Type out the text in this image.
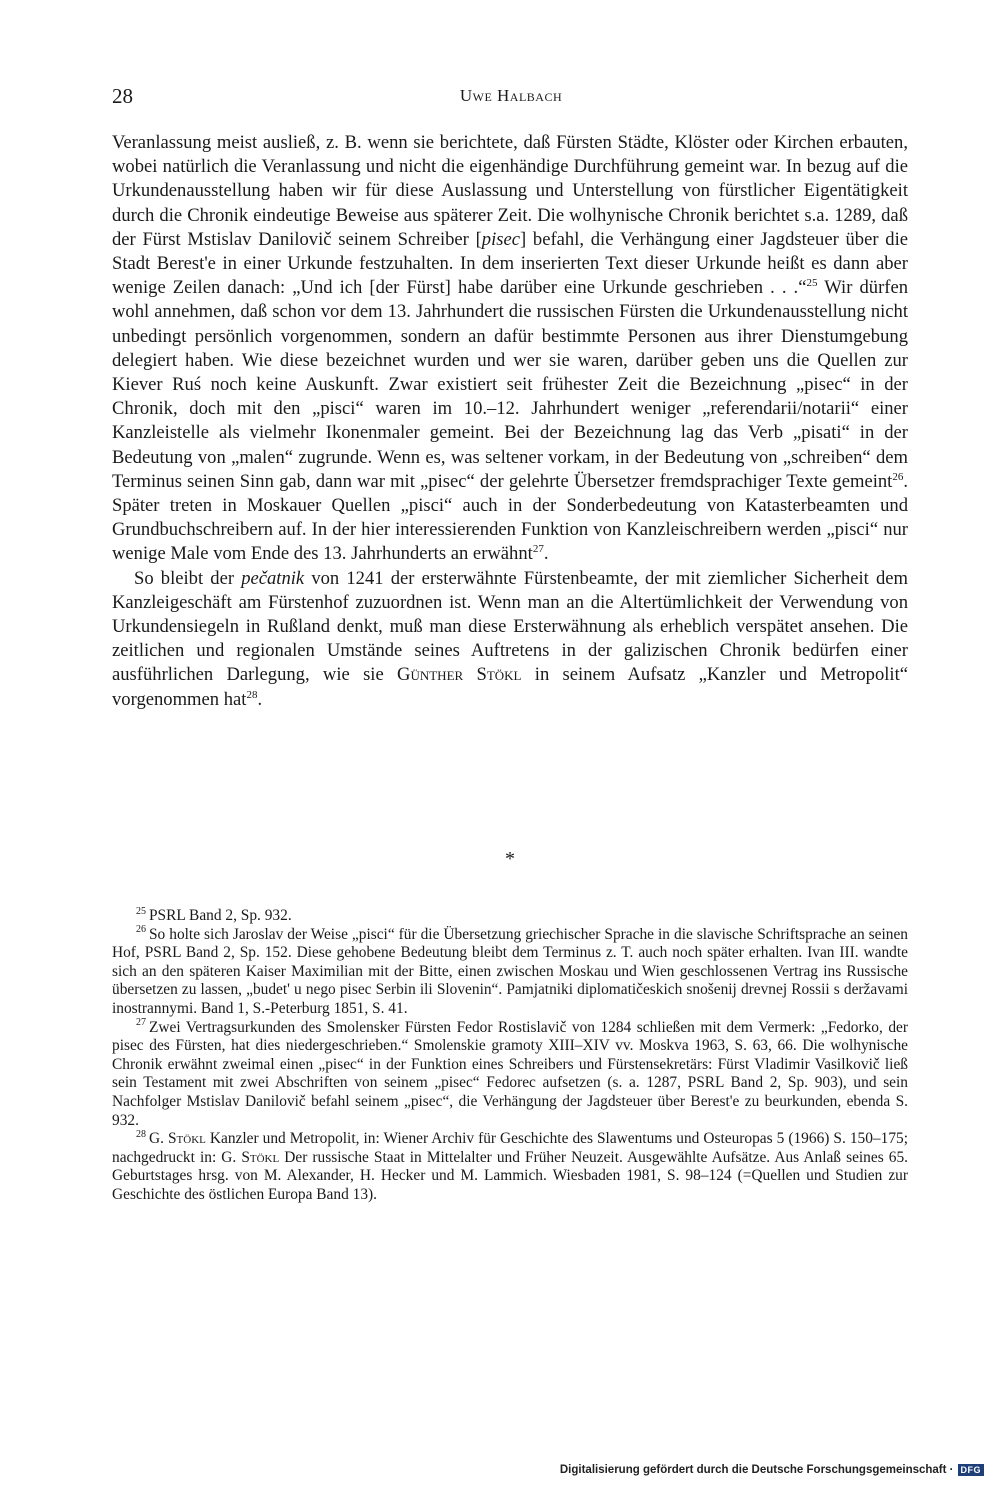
28	Uwe Halbach

Veranlassung meist ausließ, z. B. wenn sie berichtete, daß Fürsten Städte, Klöster oder Kirchen erbauten, wobei natürlich die Veranlassung und nicht die eigenhändige Durchführung gemeint war. In bezug auf die Urkundenausstellung haben wir für diese Auslassung und Unterstellung von fürstlicher Eigentätigkeit durch die Chronik eindeutige Beweise aus späterer Zeit. Die wolhynische Chronik berichtet s.a. 1289, daß der Fürst Mstislav Danilovič seinem Schreiber [pisec] befahl, die Verhängung einer Jagdsteuer über die Stadt Berest'e in einer Urkunde festzuhalten. In dem inserierten Text dieser Urkunde heißt es dann aber wenige Zeilen danach: „Und ich [der Fürst] habe darüber eine Urkunde geschrieben . . .“$^{25}$ Wir dürfen wohl annehmen, daß schon vor dem 13. Jahrhundert die russischen Fürsten die Urkundenausstellung nicht unbedingt persönlich vorgenommen, sondern an dafür bestimmte Personen aus ihrer Dienstumgebung delegiert haben. Wie diese bezeichnet wurden und wer sie waren, darüber geben uns die Quellen zur Kiever Ruś noch keine Auskunft. Zwar existiert seit frühester Zeit die Bezeichnung „pisec“ in der Chronik, doch mit den „pisci“ waren im 10.–12. Jahrhundert weniger „referendarii/notarii“ einer Kanzleistelle als vielmehr Ikonenmaler gemeint. Bei der Bezeichnung lag das Verb „pisati“ in der Bedeutung von „malen“ zugrunde. Wenn es, was seltener vorkam, in der Bedeutung von „schreiben“ dem Terminus seinen Sinn gab, dann war mit „pisec“ der gelehrte Übersetzer fremdsprachiger Texte gemeint$^{26}$. Später treten in Moskauer Quellen „pisci“ auch in der Sonderbedeutung von Katasterbeamten und Grundbuchschreibern auf. In der hier interessierenden Funktion von Kanzleischreibern werden „pisci“ nur wenige Male vom Ende des 13. Jahrhunderts an erwähnt$^{27}$.

So bleibt der pečatnik von 1241 der ersterwähnte Fürstenbeamte, der mit ziemlicher Sicherheit dem Kanzleigeschäft am Fürstenhof zuzuordnen ist. Wenn man an die Altertümlichkeit der Verwendung von Urkundensiegeln in Rußland denkt, muß man diese Ersterwähnung als erheblich verspätet ansehen. Die zeitlichen und regionalen Umstände seines Auftretens in der galizischen Chronik bedürfen einer ausführlichen Darlegung, wie sie Günther Stökl in seinem Aufsatz „Kanzler und Metropolit“ vorgenommen hat$^{28}$.

*

$^{25}$ PSRL Band 2, Sp. 932.

$^{26}$ So holte sich Jaroslav der Weise „pisci“ für die Übersetzung griechischer Sprache in die slavische Schriftsprache an seinen Hof, PSRL Band 2, Sp. 152. Diese gehobene Bedeutung bleibt dem Terminus z. T. auch noch später erhalten. Ivan III. wandte sich an den späteren Kaiser Maximilian mit der Bitte, einen zwischen Moskau und Wien geschlossenen Vertrag ins Russische übersetzen zu lassen, „budet' u nego pisec Serbin ili Slovenin“. Pamjatniki diplomatičeskich snošenij drevnej Rossii s deržavami inostrannymi. Band 1, S.-Peterburg 1851, S. 41.

$^{27}$ Zwei Vertragsurkunden des Smolensker Fürsten Fedor Rostislavič von 1284 schließen mit dem Vermerk: „Fedorko, der pisec des Fürsten, hat dies niedergeschrieben.“ Smolenskie gramoty XIII–XIV vv. Moskva 1963, S. 63, 66. Die wolhynische Chronik erwähnt zweimal einen „pisec“ in der Funktion eines Schreibers und Fürstensekretärs: Fürst Vladimir Vasilkovič ließ sein Testament mit zwei Abschriften von seinem „pisec“ Fedorec aufsetzen (s. a. 1287, PSRL Band 2, Sp. 903), und sein Nachfolger Mstislav Danilovič befahl seinem „pisec“, die Verhängung der Jagdsteuer über Berest'e zu beurkunden, ebenda S. 932.

$^{28}$ G. Stökl Kanzler und Metropolit, in: Wiener Archiv für Geschichte des Slawentums und Osteuropas 5 (1966) S. 150–175; nachgedruckt in: G. Stökl Der russische Staat in Mittelalter und Früher Neuzeit. Ausgewählte Aufsätze. Aus Anlaß seines 65. Geburtstages hrsg. von M. Alexander, H. Hecker und M. Lammich. Wiesbaden 1981, S. 98–124 (=Quellen und Studien zur Geschichte des östlichen Europa Band 13).

Digitalisierung gefördert durch die Deutsche Forschungsgemeinschaft · DFG
